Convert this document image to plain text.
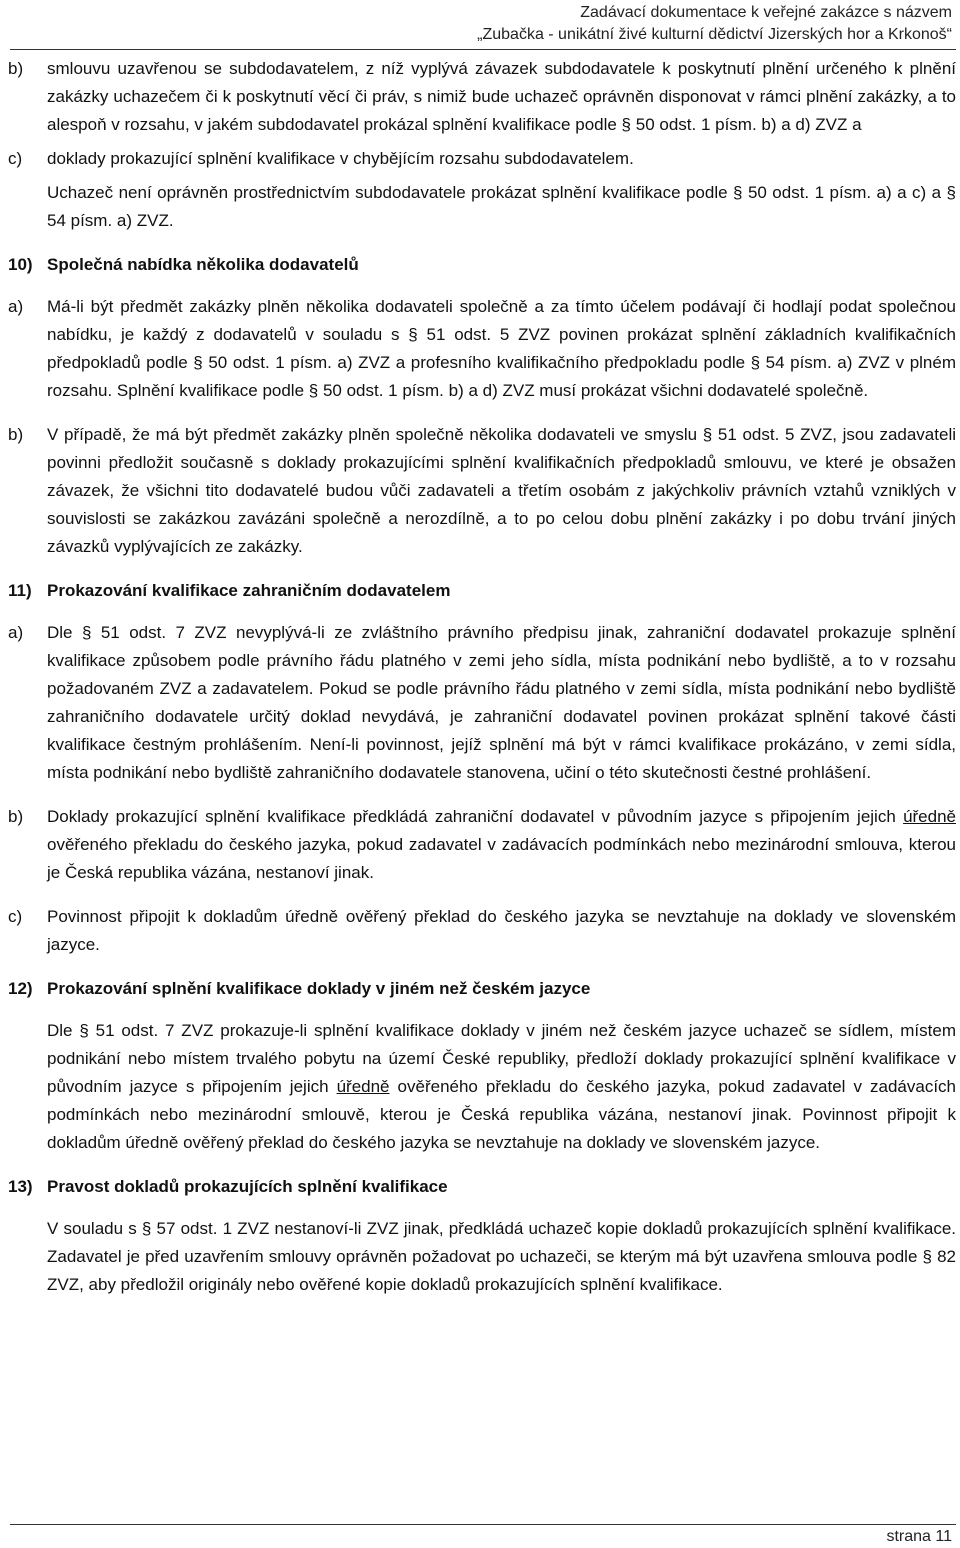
Zadávací dokumentace k veřejné zakázce s názvem
„Zubačka - unikátní živé kulturní dědictví Jizerských hor a Krkonoš“
b)	smlouvu uzavřenou se subdodavatelem, z níž vyplývá závazek subdodavatele k poskytnutí plnění určeného k plnění zakázky uchazečem či k poskytnutí věcí či práv, s nimiž bude uchazeč oprávněn disponovat v rámci plnění zakázky, a to alespoň v rozsahu, v jakém subdodavatel prokázal splnění kvalifikace podle § 50 odst. 1 písm. b) a d) ZVZ a
c)	doklady prokazující splnění kvalifikace v chybějícím rozsahu subdodavatelem.
Uchazeč není oprávněn prostřednictvím subdodavatele prokázat splnění kvalifikace podle § 50 odst. 1 písm. a) a c) a § 54 písm. a) ZVZ.
10) Společná nabídka několika dodavatelů
a)	Má-li být předmět zakázky plněn několika dodavateli společně a za tímto účelem podávají či hodlají podat společnou nabídku, je každý z dodavatelů v souladu s § 51 odst. 5 ZVZ povinen prokázat splnění základních kvalifikačních předpokladů podle § 50 odst. 1 písm. a) ZVZ a profesního kvalifikačního předpokladu podle § 54 písm. a) ZVZ v plném rozsahu. Splnění kvalifikace podle § 50 odst. 1 písm. b) a d) ZVZ musí prokázat všichni dodavatelé společně.
b)	V případě, že má být předmět zakázky plněn společně několika dodavateli ve smyslu § 51 odst. 5 ZVZ, jsou zadavateli povinni předložit současně s doklady prokazujícími splnění kvalifikačních předpokladů smlouvu, ve které je obsažen závazek, že všichni tito dodavatelé budou vůči zadavateli a třetím osobám z jakýchkoliv právních vztahů vzniklých v souvislosti se zakázkou zavázáni společně a nerozdílně, a to po celou dobu plnění zakázky i po dobu trvání jiných závazků vyplývajících ze zakázky.
11) Prokazování kvalifikace zahraničním dodavatelem
a)	Dle § 51 odst. 7 ZVZ nevyplývá-li ze zvláštního právního předpisu jinak, zahraniční dodavatel prokazuje splnění kvalifikace způsobem podle právního řádu platného v zemi jeho sídla, místa podnikání nebo bydliště, a to v rozsahu požadovaném ZVZ a zadavatelem. Pokud se podle právního řádu platného v zemi sídla, místa podnikání nebo bydliště zahraničního dodavatele určitý doklad nevydává, je zahraniční dodavatel povinen prokázat splnění takové části kvalifikace čestným prohlášením. Není-li povinnost, jejíž splnění má být v rámci kvalifikace prokázáno, v zemi sídla, místa podnikání nebo bydliště zahraničního dodavatele stanovena, učiní o této skutečnosti čestné prohlášení.
b)	Doklady prokazující splnění kvalifikace předkládá zahraniční dodavatel v původním jazyce s připojením jejich úředně ověřeného překladu do českého jazyka, pokud zadavatel v zadávacích podmínkách nebo mezinárodní smlouva, kterou je Česká republika vázána, nestanoví jinak.
c)	Povinnost připojit k dokladům úředně ověřený překlad do českého jazyka se nevztahuje na doklady ve slovenském jazyce.
12) Prokazování splnění kvalifikace doklady v jiném než českém jazyce
Dle § 51 odst. 7 ZVZ prokazuje-li splnění kvalifikace doklady v jiném než českém jazyce uchazeč se sídlem, místem podnikání nebo místem trvalého pobytu na území České republiky, předloží doklady prokazující splnění kvalifikace v původním jazyce s připojením jejich úředně ověřeného překladu do českého jazyka, pokud zadavatel v zadávacích podmínkách nebo mezinárodní smlouvě, kterou je Česká republika vázána, nestanoví jinak. Povinnost připojit k dokladům úředně ověřený překlad do českého jazyka se nevztahuje na doklady ve slovenském jazyce.
13) Pravost dokladů prokazujících splnění kvalifikace
V souladu s § 57 odst. 1 ZVZ nestanoví-li ZVZ jinak, předkládá uchazeč kopie dokladů prokazujících splnění kvalifikace. Zadavatel je před uzavřením smlouvy oprávněn požadovat po uchazeči, se kterým má být uzavřena smlouva podle § 82 ZVZ, aby předložil originály nebo ověřené kopie dokladů prokazujících splnění kvalifikace.
strana 11
